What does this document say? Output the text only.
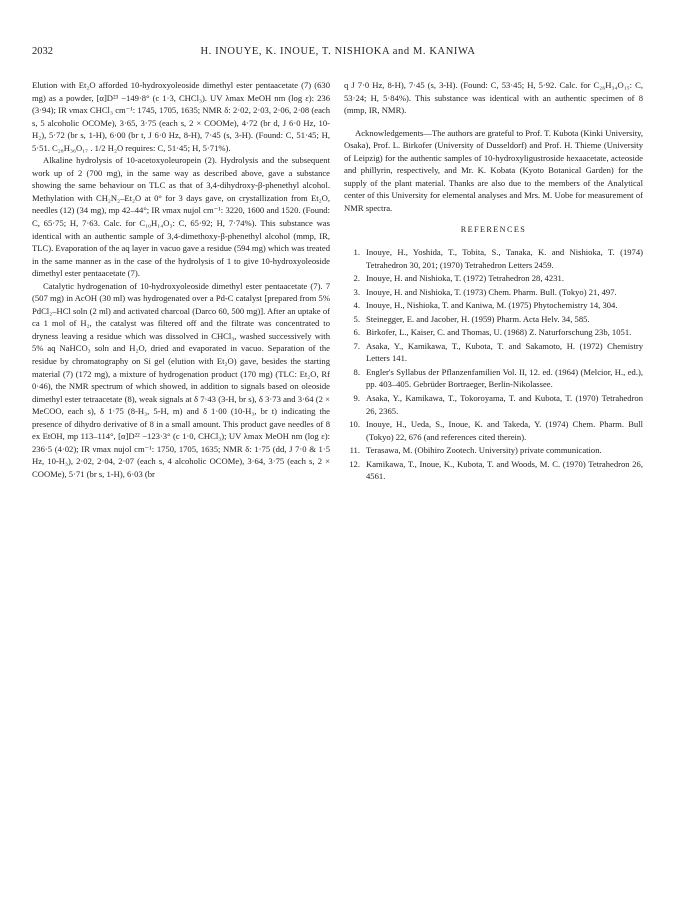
2032	H. INOUYE, K. INOUE, T. NISHIOKA and M. KANIWA

Elution with Et₂O afforded 10-hydroxyoleoside dimethyl ester pentaacetate (7) (630 mg) as a powder, [α]D²³ −149·8° (c 1·3, CHCl₃). UV λmax MeOH nm (log ε): 236 (3·94); IR νmax CHCl₃ cm⁻¹: 1745, 1705, 1635; NMR δ: 2·02, 2·03, 2·06, 2·08 (each s, 5 alcoholic OCOMe), 3·65, 3·75 (each s, 2 × COOMe), 4·72 (br d, J 6·0 Hz, 10-H₂), 5·72 (br s, 1-H), 6·00 (br t, J 6·0 Hz, 8-H), 7·45 (s, 3-H). (Found: C, 51·45; H, 5·51. C₂₈H₃₆O₁₇ . 1/2 H₂O requires: C, 51·45; H, 5·71%).

Alkaline hydrolysis of 10-acetoxyoleuropein (2). Hydrolysis and the subsequent work up of 2 (700 mg), in the same way as described above, gave a substance showing the same behaviour on TLC as that of 3,4-dihydroxy-β-phenethyl alcohol. Methylation with CH₂N₂–Et₂O at 0° for 3 days gave, on crystallization from Et₂O, needles (12) (34 mg), mp 42–44°; IR νmax nujol cm⁻¹: 3220, 1600 and 1520. (Found: C, 65·75; H, 7·63. Calc. for C₁₀H₁₄O₃: C, 65·92; H, 7·74%). This substance was identical with an authentic sample of 3,4-dimethoxy-β-phenethyl alcohol (mmp, IR, TLC). Evaporation of the aq layer in vacuo gave a residue (594 mg) which was treated in the same manner as in the case of the hydrolysis of 1 to give 10-hydroxyoleoside dimethyl ester pentaacetate (7).

Catalytic hydrogenation of 10-hydroxyoleoside dimethyl ester pentaacetate (7). 7 (507 mg) in AcOH (30 ml) was hydrogenated over a Pd-C catalyst [prepared from 5% PdCl₂–HCl soln (2 ml) and activated charcoal (Darco 60, 500 mg)]. After an uptake of ca 1 mol of H₂, the catalyst was filtered off and the filtrate was concentrated to dryness leaving a residue which was dissolved in CHCl₃, washed successively with 5% aq NaHCO₃ soln and H₂O, dried and evaporated in vacuo. Separation of the residue by chromatography on Si gel (elution with Et₂O) gave, besides the starting material (7) (172 mg), a mixture of hydrogenation product (170 mg) (TLC: Et₂O, Rf 0·46), the NMR spectrum of which showed, in addition to signals based on oleoside dimethyl ester tetraacetate (8), weak signals at δ 7·43 (3-H, br s), δ 3·73 and 3·64 (2 × MeCOO, each s), δ 1·75 (8-H₃, 5-H, m) and δ 1·00 (10-H₃, br t) indicating the presence of dihydro derivative of 8 in a small amount. This product gave needles of 8 ex EtOH, mp 113–114°, [α]D²² −123·3° (c 1·0, CHCl₃); UV λmax MeOH nm (log ε): 236·5 (4·02); IR νmax nujol cm⁻¹: 1750, 1705, 1635; NMR δ: 1·75 (dd, J 7·0 & 1·5 Hz, 10-H₃), 2·02, 2·04, 2·07 (each s, 4 alcoholic OCOMe), 3·64, 3·75 (each s, 2 × COOMe), 5·71 (br s, 1-H), 6·03 (br

q J 7·0 Hz, 8-H), 7·45 (s, 3-H). (Found: C, 53·45; H, 5·92. Calc. for C₂₆H₃₄O₁₅: C, 53·24; H, 5·84%). This substance was identical with an authentic specimen of 8 (mmp, IR, NMR).

Acknowledgements—The authors are grateful to Prof. T. Kubota (Kinki University, Osaka), Prof. L. Birkofer (University of Dusseldorf) and Prof. H. Thieme (University of Leipzig) for the authentic samples of 10-hydroxyligustroside hexaacetate, acteoside and phillyrin, respectively, and Mr. K. Kobata (Kyoto Botanical Garden) for the supply of the plant material. Thanks are also due to the members of the Analytical center of this University for elemental analyses and Mrs. M. Uobe for measurement of NMR spectra.

REFERENCES
1. Inouye, H., Yoshida, T., Tobita, S., Tanaka, K. and Nishioka, T. (1974) Tetrahedron 30, 201; (1970) Tetrahedron Letters 2459.
2. Inouye, H. and Nishioka, T. (1972) Tetrahedron 28, 4231.
3. Inouye, H. and Nishioka, T. (1973) Chem. Pharm. Bull. (Tokyo) 21, 497.
4. Inouye, H., Nishioka, T. and Kaniwa, M. (1975) Phytochemistry 14, 304.
5. Steinegger, E. and Jacober, H. (1959) Pharm. Acta Helv. 34, 585.
6. Birkofer, L., Kaiser, C. and Thomas, U. (1968) Z. Naturforschung 23b, 1051.
7. Asaka, Y., Kamikawa, T., Kubota, T. and Sakamoto, H. (1972) Chemistry Letters 141.
8. Engler's Syllabus der Pflanzenfamilien Vol. II, 12. ed. (1964) (Melcior, H., ed.), pp. 403–405. Gebrüder Bortraeger, Berlin-Nikolassee.
9. Asaka, Y., Kamikawa, T., Tokoroyama, T. and Kubota, T. (1970) Tetrahedron 26, 2365.
10. Inouye, H., Ueda, S., Inoue, K. and Takeda, Y. (1974) Chem. Pharm. Bull (Tokyo) 22, 676 (and references cited therein).
11. Terasawa, M. (Obihiro Zootech. University) private communication.
12. Kamikawa, T., Inoue, K., Kubota, T. and Woods, M. C. (1970) Tetrahedron 26, 4561.
